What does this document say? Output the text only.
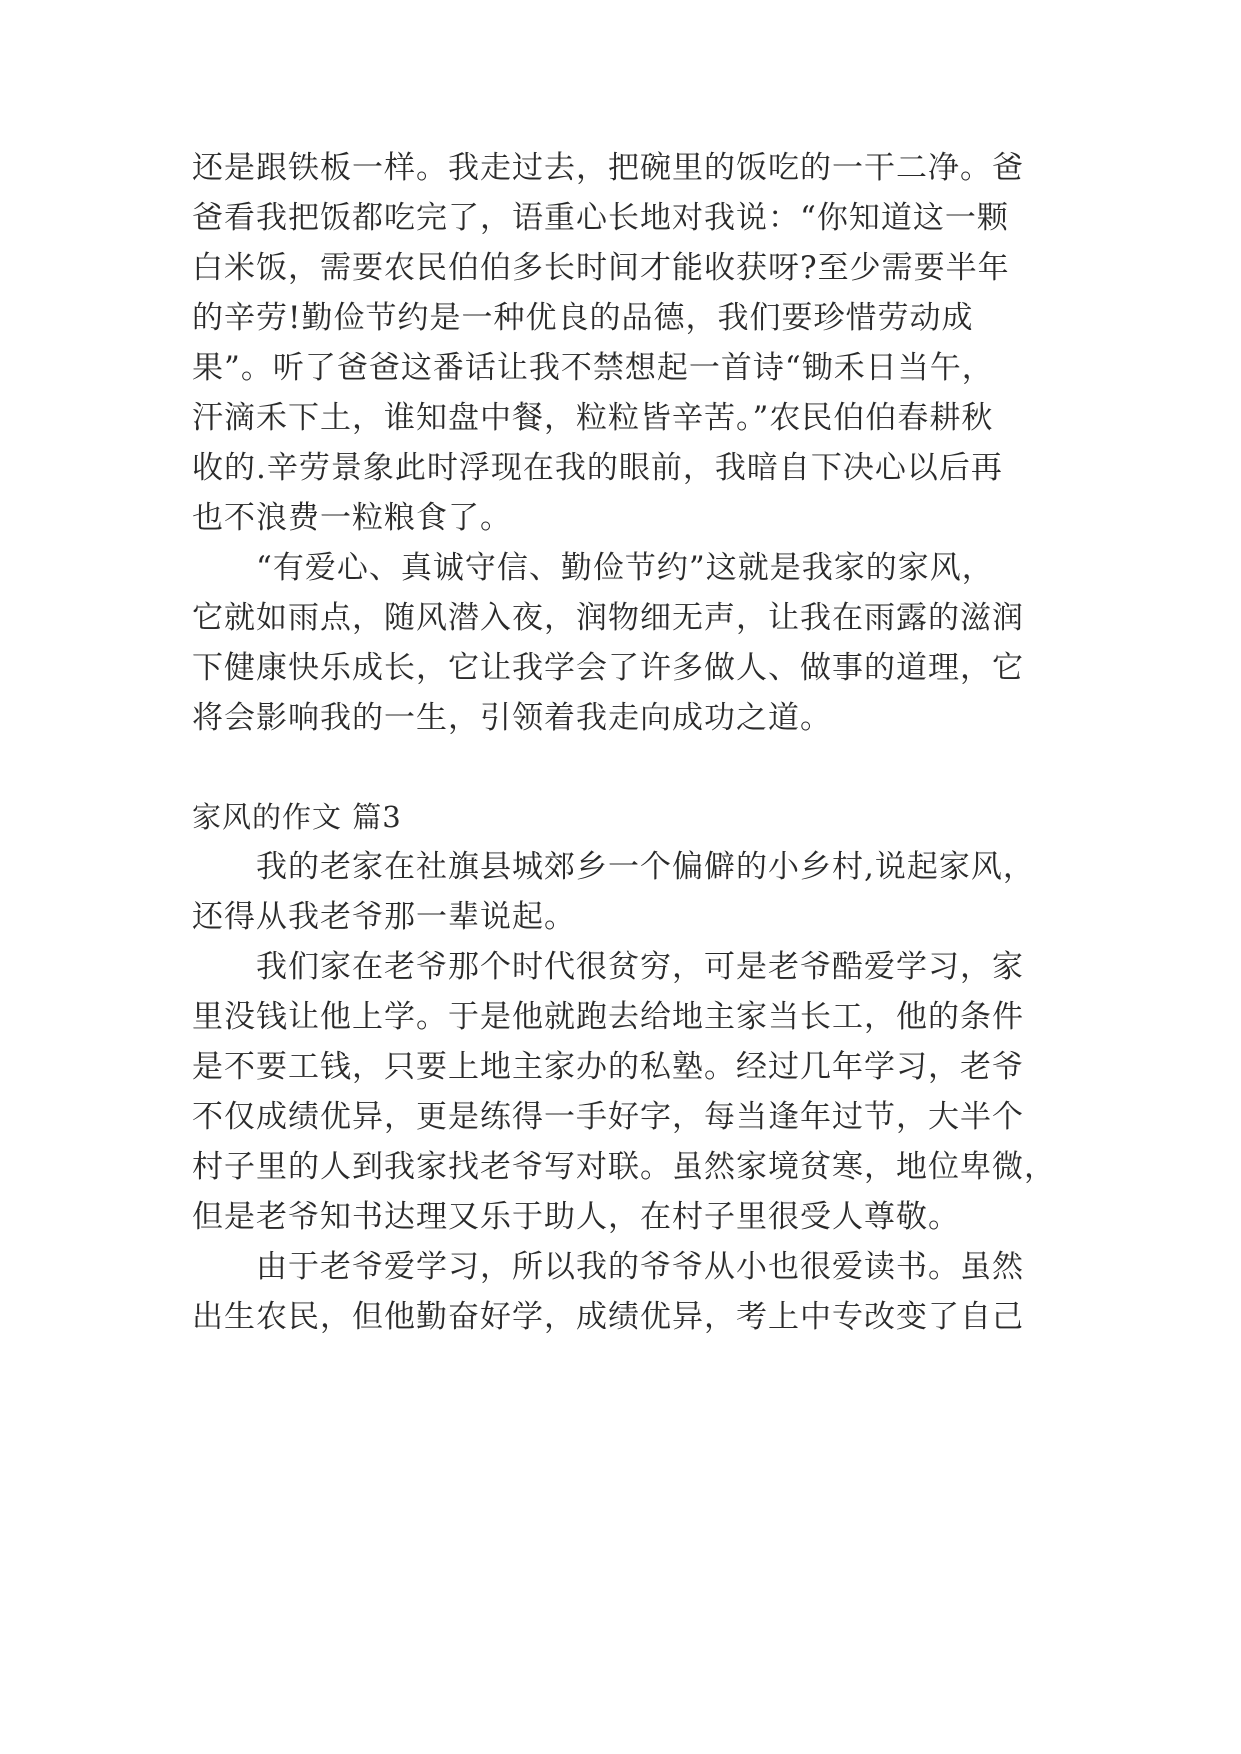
还是跟铁板一样。我走过去，把碗里的饭吃的一干二净。爸
爸看我把饭都吃完了，语重心长地对我说：“你知道这一颗
白米饭，需要农民伯伯多长时间才能收获呀?至少需要半年
的辛劳!勤俭节约是一种优良的品德，我们要珍惜劳动成
果”。听了爸爸这番话让我不禁想起一首诗“锄禾日当午，
汗滴禾下土，谁知盘中餐，粒粒皆辛苦。”农民伯伯春耕秋
收的.辛劳景象此时浮现在我的眼前，我暗自下决心以后再
也不浪费一粒粮食了。
　　“有爱心、真诚守信、勤俭节约”这就是我家的家风，
它就如雨点，随风潜入夜，润物细无声，让我在雨露的滋润
下健康快乐成长，它让我学会了许多做人、做事的道理，它
将会影响我的一生，引领着我走向成功之道。
家风的作文 篇3
　　我的老家在社旗县城郊乡一个偏僻的小乡村,说起家风，
还得从我老爷那一辈说起。
　　我们家在老爷那个时代很贫穷，可是老爷酷爱学习，家
里没钱让他上学。于是他就跑去给地主家当长工，他的条件
是不要工钱，只要上地主家办的私塾。经过几年学习，老爷
不仅成绩优异，更是练得一手好字，每当逢年过节，大半个
村子里的人到我家找老爷写对联。虽然家境贫寒，地位卑微，
但是老爷知书达理又乐于助人，在村子里很受人尊敬。
　　由于老爷爱学习，所以我的爷爷从小也很爱读书。虽然
出生农民，但他勤奋好学，成绩优异，考上中专改变了自己
